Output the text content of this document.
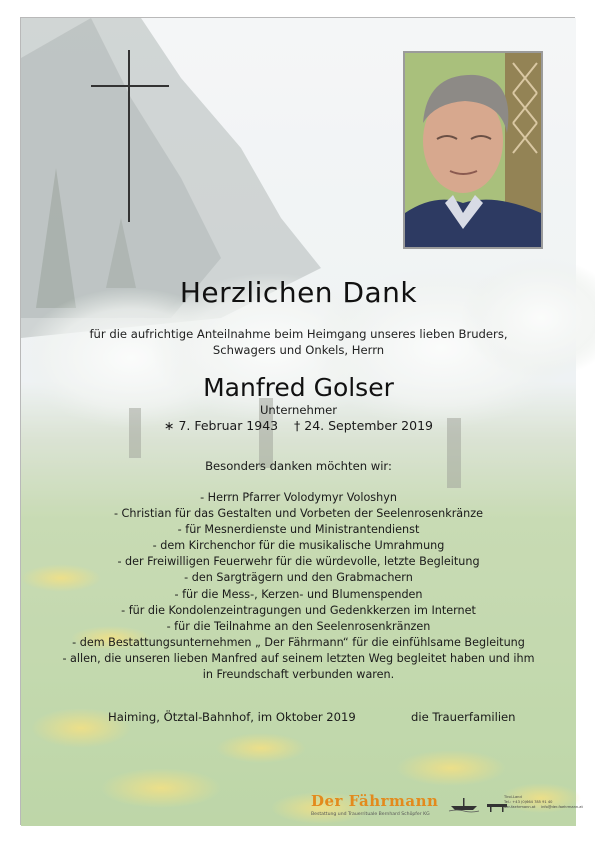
Herzlichen Dank
für die aufrichtige Anteilnahme beim Heimgang unseres lieben Bruders, Schwagers und Onkels, Herrn
Manfred Golser
Unternehmer
∗ 7. Februar 1943 † 24. September 2019
Besonders danken möchten wir:
- Herrn Pfarrer Volodymyr Voloshyn
- Christian für das Gestalten und Vorbeten der Seelenrosenkränze
- für Mesnerdienste und Ministrantendienst
- dem Kirchenchor für die musikalische Umrahmung
- der Freiwilligen Feuerwehr für die würdevolle, letzte Begleitung
- den Sargträgern und den Grabmachern
- für die Mess-, Kerzen- und Blumenspenden
- für die Kondolenzeintragungen und Gedenkkerzen im Internet
- für die Teilnahme an den Seelenrosenkränzen
- dem Bestattungsunternehmen „ Der Fährmann“ für die einfühlsame Begleitung
- allen, die unseren lieben Manfred auf seinem letzten Weg begleitet haben und ihm
in Freundschaft verbunden waren.
Haiming, Ötztal-Bahnhof, im Oktober 2019	die Trauerfamilien
Der Fährmann
Bestattung und Trauerrituale Bernhard Schöpfer KG
Tirol-Land
Tel.: +43 (0)664 785 91 40
der-faehrmann.at     info@der-faehrmann.at
